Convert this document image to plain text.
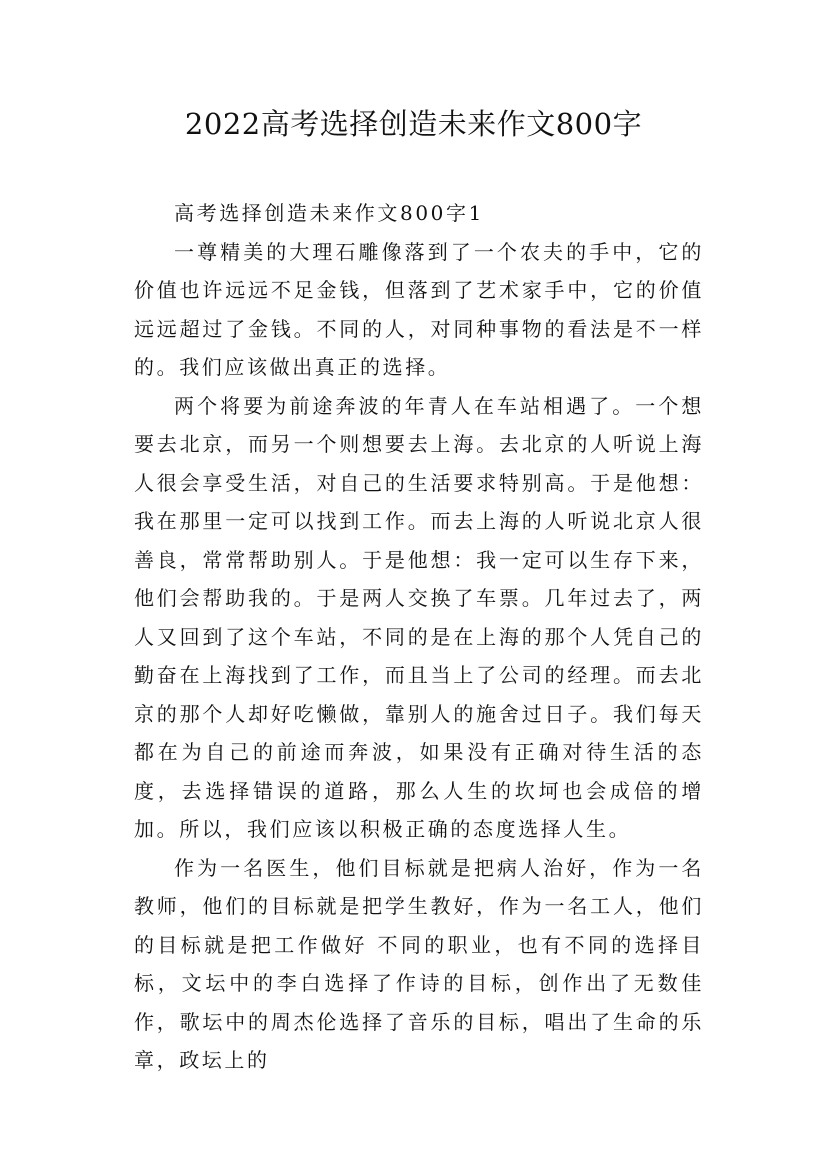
2022高考选择创造未来作文800字

高考选择创造未来作文800字1

一尊精美的大理石雕像落到了一个农夫的手中，它的价值也许远远不足金钱，但落到了艺术家手中，它的价值远远超过了金钱。不同的人，对同种事物的看法是不一样的。我们应该做出真正的选择。

两个将要为前途奔波的年青人在车站相遇了。一个想要去北京，而另一个则想要去上海。去北京的人听说上海人很会享受生活，对自己的生活要求特别高。于是他想：我在那里一定可以找到工作。而去上海的人听说北京人很善良，常常帮助别人。于是他想：我一定可以生存下来，他们会帮助我的。于是两人交换了车票。几年过去了，两人又回到了这个车站，不同的是在上海的那个人凭自己的勤奋在上海找到了工作，而且当上了公司的经理。而去北京的那个人却好吃懒做，靠别人的施舍过日子。我们每天都在为自己的前途而奔波，如果没有正确对待生活的态度，去选择错误的道路，那么人生的坎坷也会成倍的增加。所以，我们应该以积极正确的态度选择人生。

作为一名医生，他们目标就是把病人治好，作为一名教师，他们的目标就是把学生教好，作为一名工人，他们的目标就是把工作做好 不同的职业，也有不同的选择目标，文坛中的李白选择了作诗的目标，创作出了无数佳作，歌坛中的周杰伦选择了音乐的目标，唱出了生命的乐章，政坛上的
